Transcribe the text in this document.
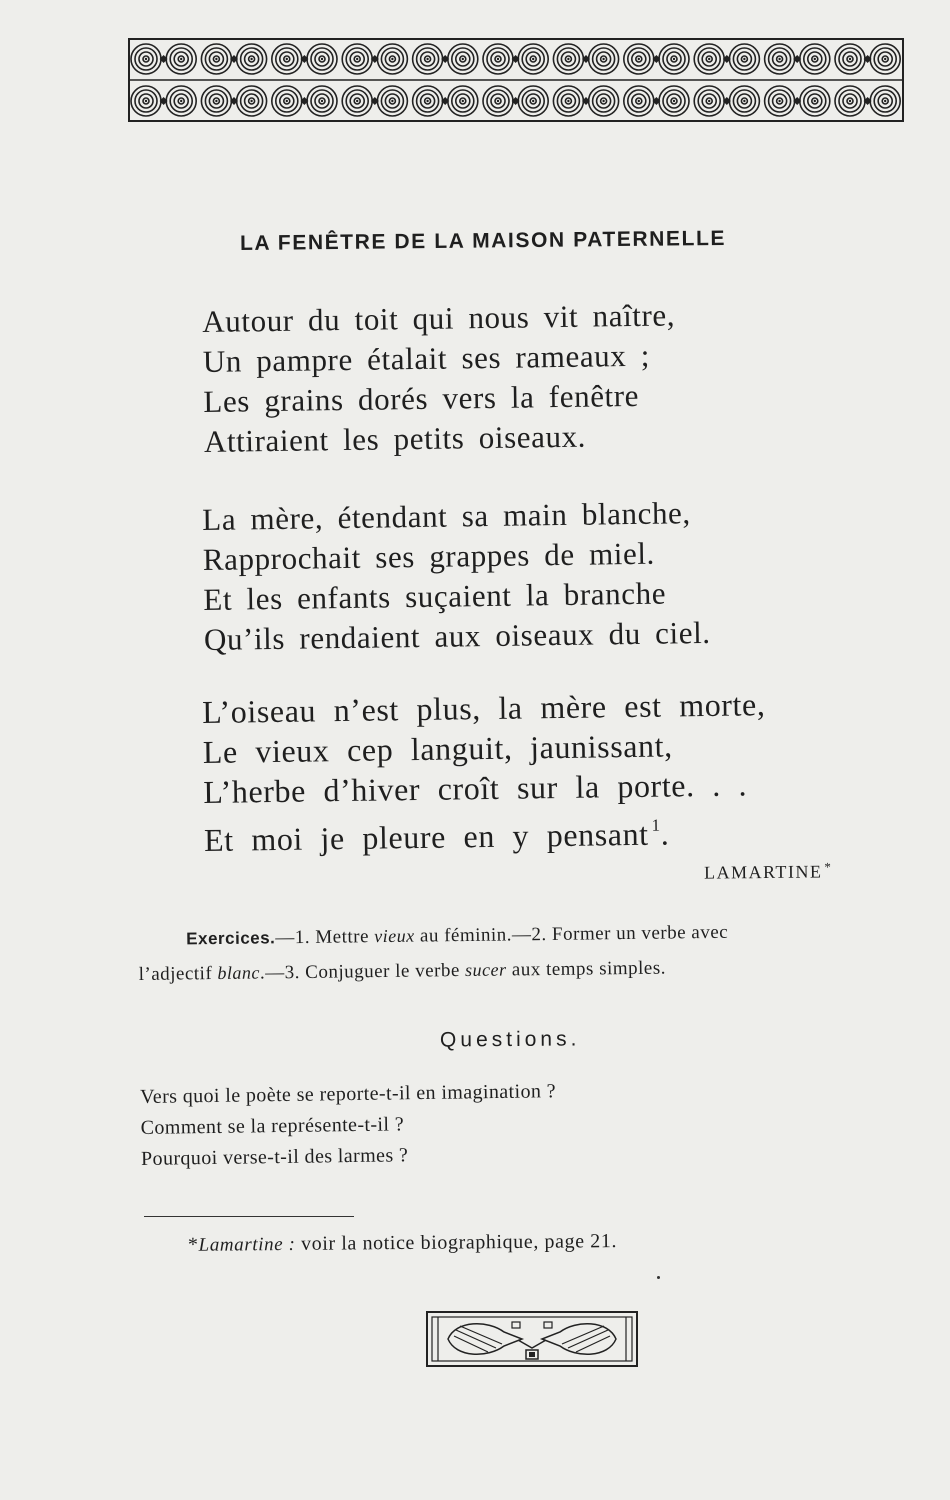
LA FENÊTRE DE LA MAISON PATERNELLE
Autour du toit qui nous vit naître,
Un pampre étalait ses rameaux ;
Les grains dorés vers la fenêtre
Attiraient les petits oiseaux.
La mère, étendant sa main blanche,
Rapprochait ses grappes de miel.
Et les enfants suçaient la branche
Qu’ils rendaient aux oiseaux du ciel.
L’oiseau n’est plus, la mère est morte,
Le vieux cep languit, jaunissant,
L’herbe d’hiver croît sur la porte. . .
Et moi je pleure en y pensant $^1$.
LAMARTINE *
Exercices.—1. Mettre vieux au féminin.—2. Former un verbe avec
l’adjectif blanc.—3. Conjuguer le verbe sucer aux temps simples.
Questions.
Vers quoi le poète se reporte-t-il en imagination ?
Comment se la représente-t-il ?
Pourquoi verse-t-il des larmes ?
*Lamartine : voir la notice biographique, page 21.
